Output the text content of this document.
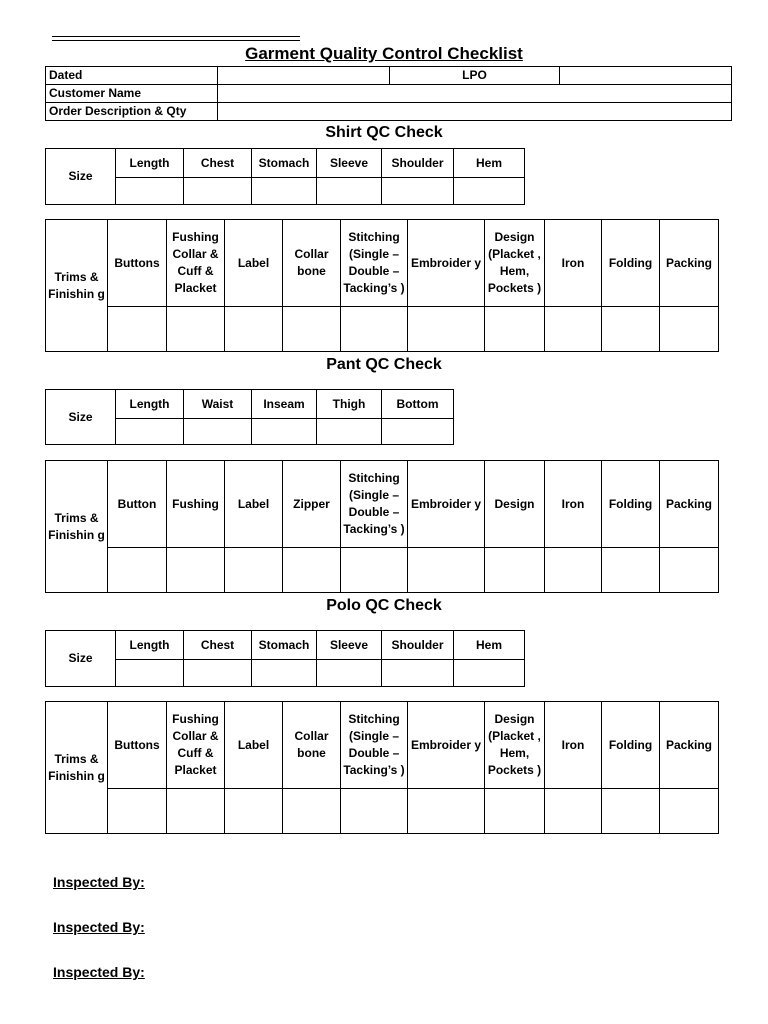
Garment Quality Control Checklist
Dated		LPO	
Customer Name			
Order Description & Qty			
Shirt QC Check
Size	Length	Chest	Stomach	Sleeve	Shoulder	Hem

Trims & Finishin g	Buttons	Fushing Collar & Cuff & Placket	Label	Collar bone	Stitching (Single – Double – Tacking’s )	Embroider y	Design (Placket , Hem, Pockets )	Iron	Folding	Packing

Pant QC Check
Size	Length	Waist	Inseam	Thigh	Bottom

Trims & Finishin g	Button	Fushing	Label	Zipper	Stitching (Single – Double – Tacking’s )	Embroider y	Design	Iron	Folding	Packing

Polo QC Check
Size	Length	Chest	Stomach	Sleeve	Shoulder	Hem

Trims & Finishin g	Buttons	Fushing Collar & Cuff & Placket	Label	Collar bone	Stitching (Single – Double – Tacking’s )	Embroider y	Design (Placket , Hem, Pockets )	Iron	Folding	Packing

Inspected By:
Inspected By:
Inspected By:
